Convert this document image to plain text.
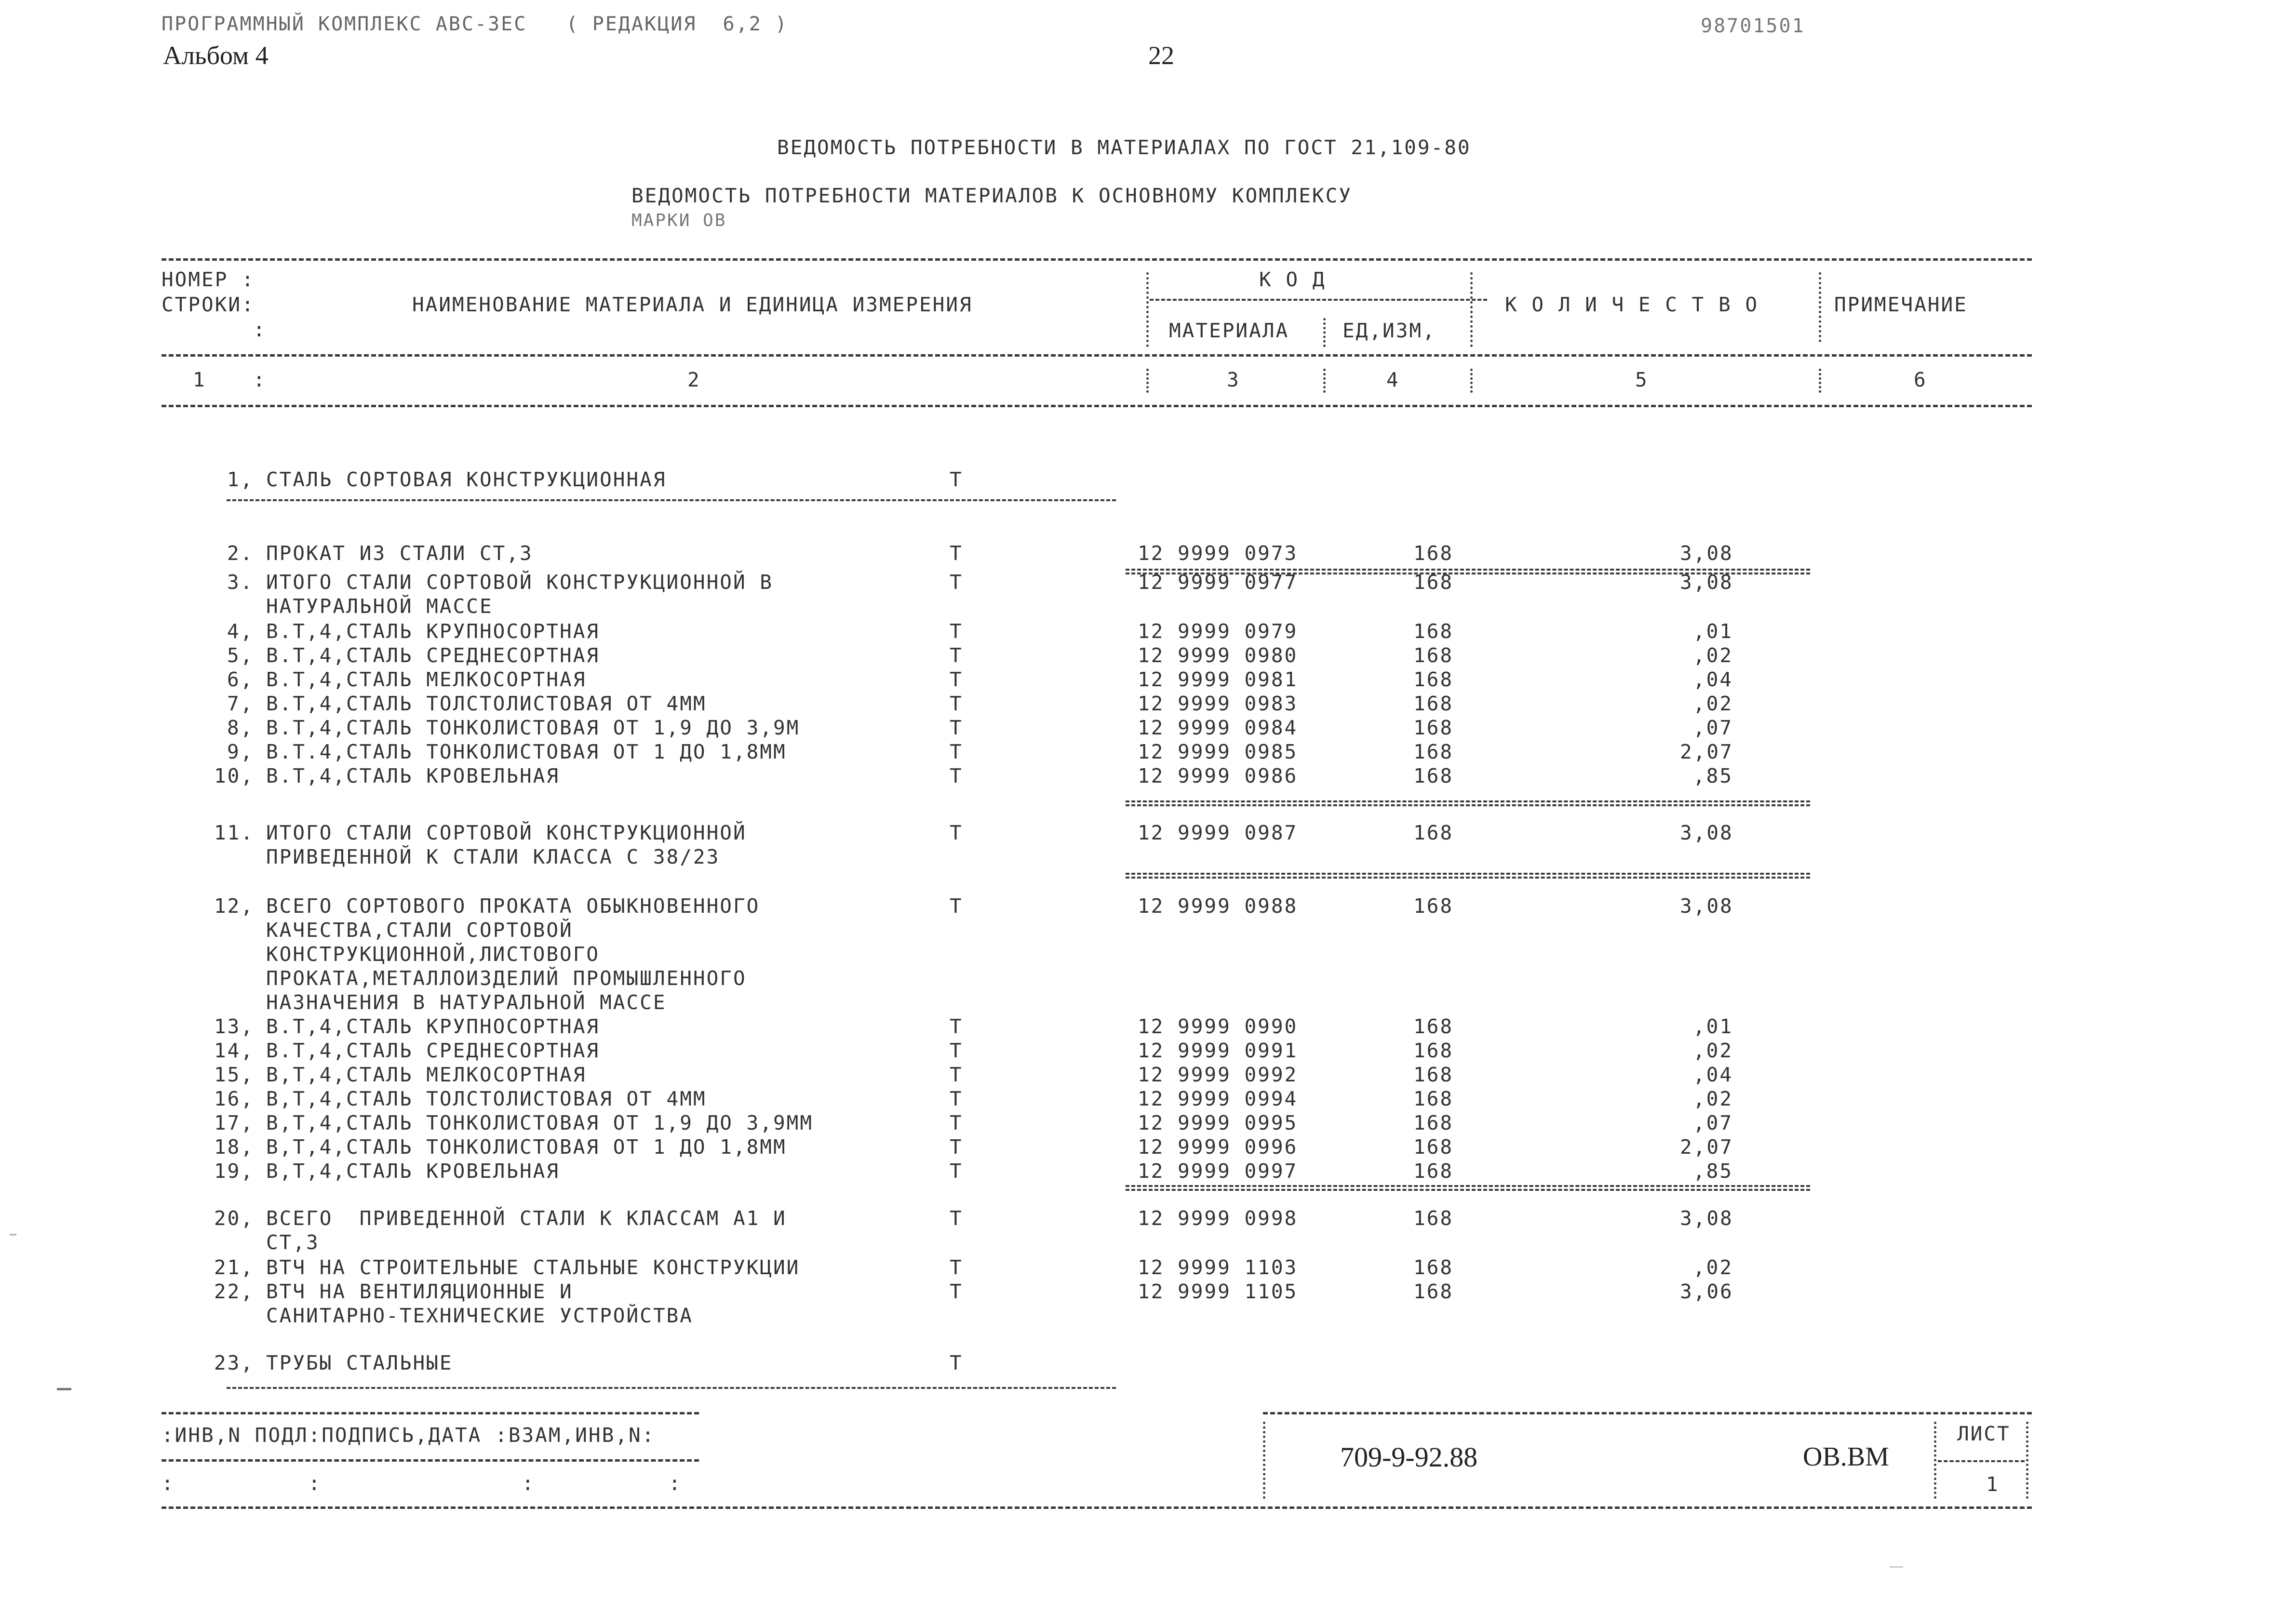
ПРОГРАММНЫЙ КОМПЛЕКС АВС-3ЕС   ( РЕДАКЦИЯ  6,2 )
Альбом 4	22
98701501
ВЕДОМОСТЬ ПОТРЕБНОСТИ В МАТЕРИАЛАХ ПО ГОСТ 21,109-80
ВЕДОМОСТЬ ПОТРЕБНОСТИ МАТЕРИАЛОВ К ОСНОВНОМУ КОМПЛЕКСУ
МАРКИ ОВ
НОМЕР :
СТРОКИ:
:
НАИМЕНОВАНИЕ МАТЕРИАЛА И ЕДИНИЦА ИЗМЕРЕНИЯ
К О Д
МАТЕРИАЛА	ЕД,ИЗМ,
К О Л И Ч Е С Т В О	ПРИМЕЧАНИЕ
1 :	2	3	4	5	6
1, СТАЛЬ СОРТОВАЯ КОНСТРУКЦИОННАЯ	Т
2. ПРОКАТ ИЗ СТАЛИ СТ,3	Т	12 9999 0973	168	3,08
3. ИТОГО СТАЛИ СОРТОВОЙ КОНСТРУКЦИОННОЙ В	Т	12 9999 0977	168	3,08
НАТУРАЛЬНОЙ МАССЕ
4, В.Т,4,СТАЛЬ КРУПНОСОРТНАЯ	Т	12 9999 0979	168	,01
5, В.Т,4,СТАЛЬ СРЕДНЕСОРТНАЯ	Т	12 9999 0980	168	,02
6, В.Т,4,СТАЛЬ МЕЛКОСОРТНАЯ	Т	12 9999 0981	168	,04
7, В.Т,4,СТАЛЬ ТОЛСТОЛИСТОВАЯ ОТ 4ММ	Т	12 9999 0983	168	,02
8, В.Т,4,СТАЛЬ ТОНКОЛИСТОВАЯ ОТ 1,9 ДО 3,9М	Т	12 9999 0984	168	,07
9, В.Т.4,СТАЛЬ ТОНКОЛИСТОВАЯ ОТ 1 ДО 1,8ММ	Т	12 9999 0985	168	2,07
10, В.Т,4,СТАЛЬ КРОВЕЛЬНАЯ	Т	12 9999 0986	168	,85
11. ИТОГО СТАЛИ СОРТОВОЙ КОНСТРУКЦИОННОЙ	Т	12 9999 0987	168	3,08
ПРИВЕДЕННОЙ К СТАЛИ КЛАССА С 38/23
12, ВСЕГО СОРТОВОГО ПРОКАТА ОБЫКНОВЕННОГО	Т	12 9999 0988	168	3,08
КАЧЕСТВА,СТАЛИ СОРТОВОЙ
КОНСТРУКЦИОННОЙ,ЛИСТОВОГО
ПРОКАТА,МЕТАЛЛОИЗДЕЛИЙ ПРОМЫШЛЕННОГО
НАЗНАЧЕНИЯ В НАТУРАЛЬНОЙ МАССЕ
13, В.Т,4,СТАЛЬ КРУПНОСОРТНАЯ	Т	12 9999 0990	168	,01
14, В.Т,4,СТАЛЬ СРЕДНЕСОРТНАЯ	Т	12 9999 0991	168	,02
15, В,Т,4,СТАЛЬ МЕЛКОСОРТНАЯ	Т	12 9999 0992	168	,04
16, В,Т,4,СТАЛЬ ТОЛСТОЛИСТОВАЯ ОТ 4ММ	Т	12 9999 0994	168	,02
17, В,Т,4,СТАЛЬ ТОНКОЛИСТОВАЯ ОТ 1,9 ДО 3,9ММ	Т	12 9999 0995	168	,07
18, В,Т,4,СТАЛЬ ТОНКОЛИСТОВАЯ ОТ 1 ДО 1,8ММ	Т	12 9999 0996	168	2,07
19, В,Т,4,СТАЛЬ КРОВЕЛЬНАЯ	Т	12 9999 0997	168	,85
20, ВСЕГО  ПРИВЕДЕННОЙ СТАЛИ К КЛАССАМ А1 И	Т	12 9999 0998	168	3,08
СТ,3
21, ВТЧ НА СТРОИТЕЛЬНЫЕ СТАЛЬНЫЕ КОНСТРУКЦИИ	Т	12 9999 1103	168	,02
22, ВТЧ НА ВЕНТИЛЯЦИОННЫЕ И	Т	12 9999 1105	168	3,06
САНИТАРНО-ТЕХНИЧЕСКИЕ УСТРОЙСТВА
23, ТРУБЫ СТАЛЬНЫЕ	Т
:ИНВ,N ПОДЛ:ПОДПИСЬ,ДАТА :ВЗАМ,ИНВ,N:
:          :               :          :
709-9-92.88	ОВ.ВМ
ЛИСТ
1
